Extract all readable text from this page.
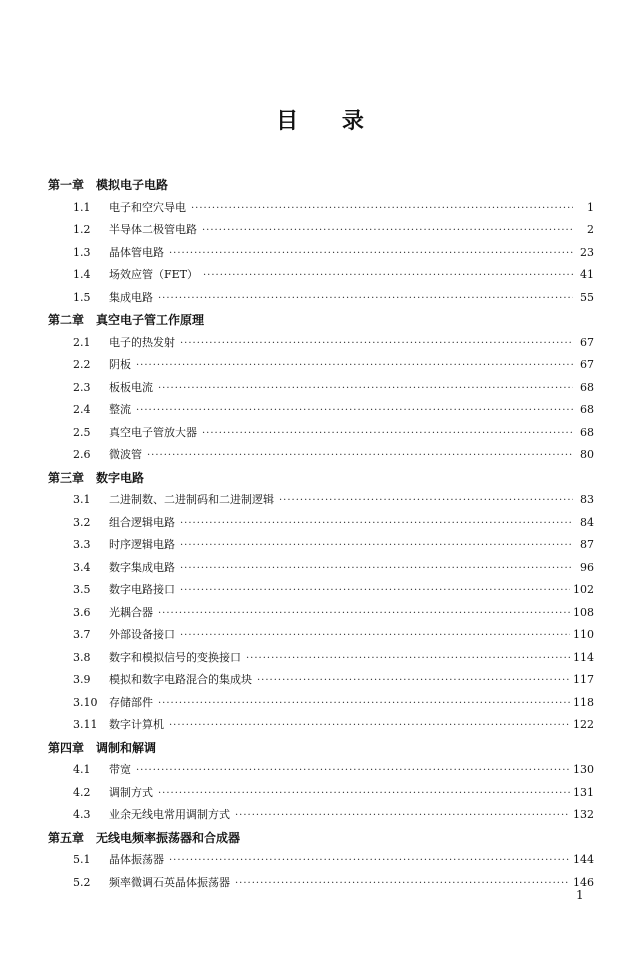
目 录
第一章 模拟电子电路
1.1	电子和空穴导电 ·····	1
1.2	半导体二极管电路 ·····	2
1.3	晶体管电路 ·····	23
1.4	场效应管（FET） ·····	41
1.5	集成电路 ·····	55
第二章 真空电子管工作原理
2.1	电子的热发射 ·····	67
2.2	阴板 ·····	67
2.3	板板电流 ·····	68
2.4	整流 ·····	68
2.5	真空电子管放大器 ·····	68
2.6	微波管 ·····	80
第三章 数字电路
3.1	二进制数、二进制码和二进制逻辑 ·····	83
3.2	组合逻辑电路 ·····	84
3.3	时序逻辑电路 ·····	87
3.4	数字集成电路 ·····	96
3.5	数字电路接口 ·····	102
3.6	光耦合器 ·····	108
3.7	外部设备接口 ·····	110
3.8	数字和模拟信号的变换接口 ·····	114
3.9	模拟和数字电路混合的集成块 ·····	117
3.10	存储部件 ·····	118
3.11	数字计算机 ·····	122
第四章 调制和解调
4.1	带宽 ·····	130
4.2	调制方式 ·····	131
4.3	业余无线电常用调制方式 ·····	132
第五章 无线电频率振荡器和合成器
5.1	晶体振荡器 ·····	144
5.2	频率微调石英晶体振荡器 ·····	146
1
